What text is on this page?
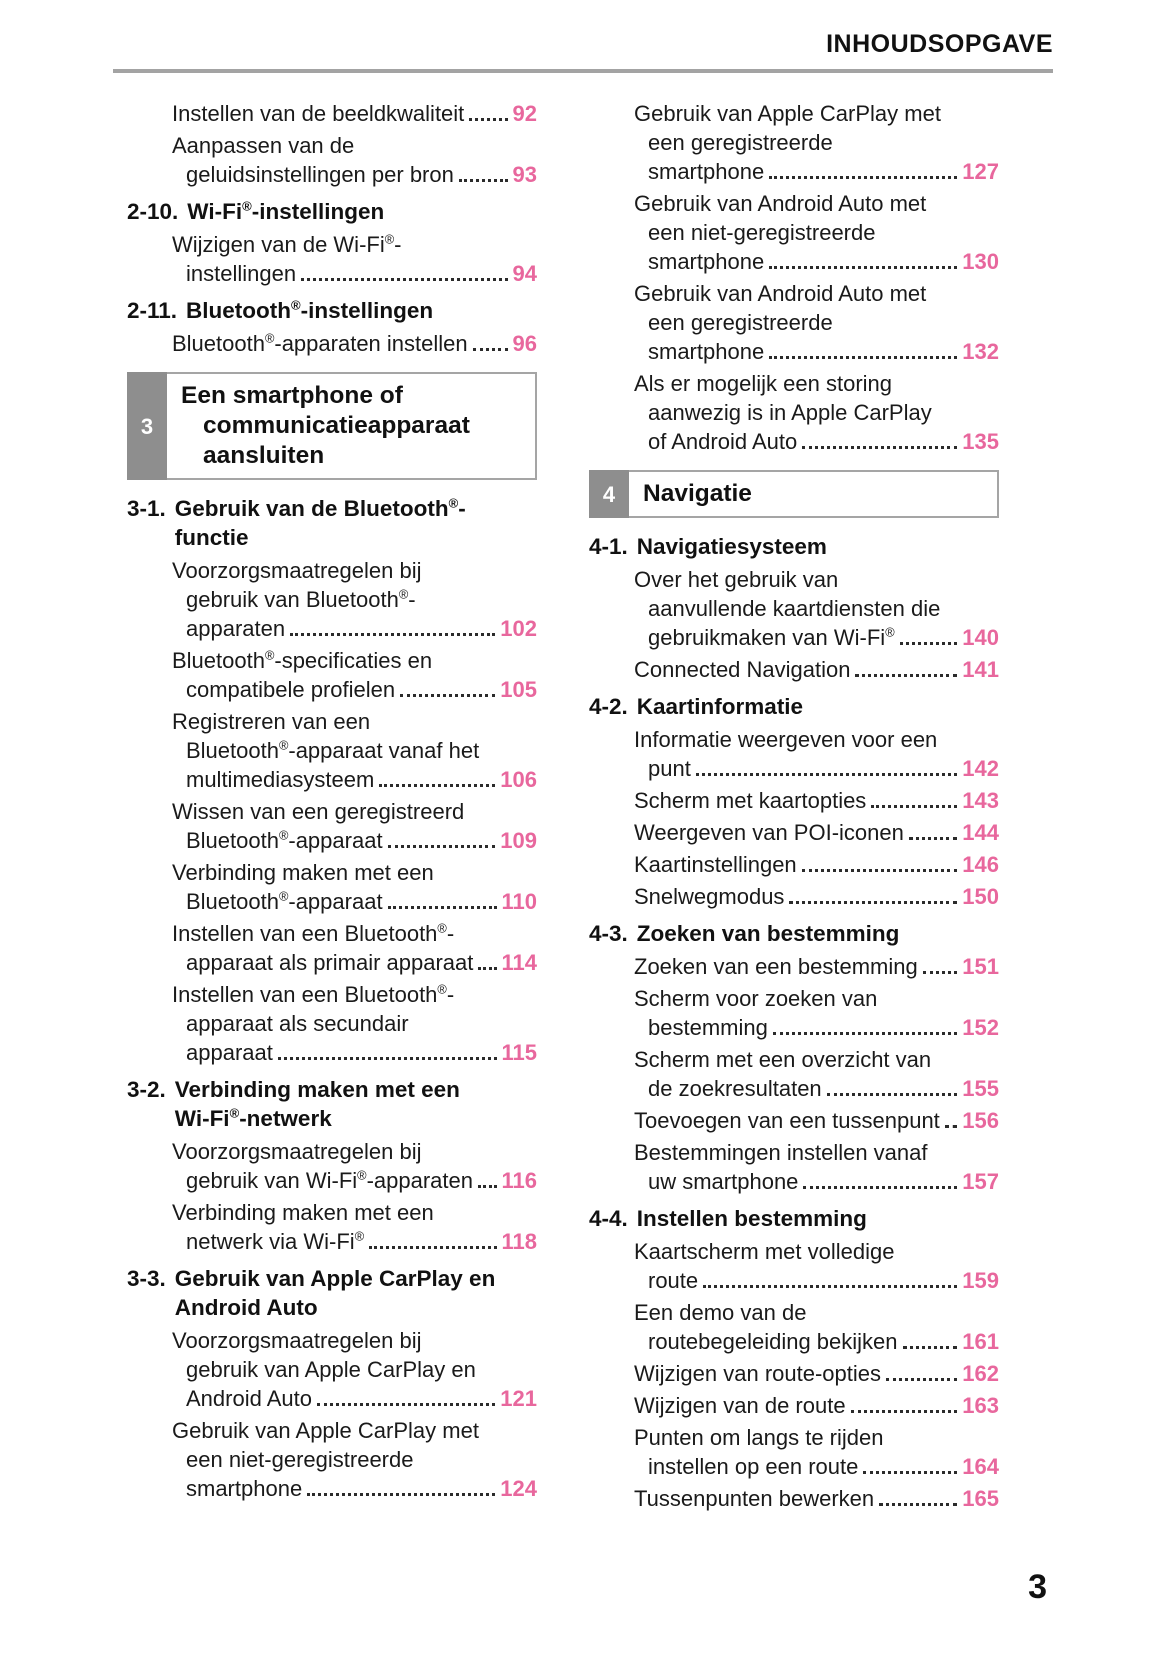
INHOUDSOPGAVE
Instellen van de beeldkwaliteit 92
Aanpassen van de
geluidsinstellingen per bron	93
2-10. Wi-Fi®-instellingen
Wijzigen van de Wi-Fi®-
instellingen	94
2-11. Bluetooth®-instellingen
Bluetooth®-apparaten instellen 96
3
Een smartphone of
communicatieapparaat
aansluiten
3-1. Gebruik van de Bluetooth®-
functie
Voorzorgsmaatregelen bij
gebruik van Bluetooth®-
apparaten	102
Bluetooth®-specificaties en
compatibele profielen	105
Registreren van een
Bluetooth®-apparaat vanaf het
multimediasysteem	106
Wissen van een geregistreerd
Bluetooth®-apparaat	109
Verbinding maken met een
Bluetooth®-apparaat	110
Instellen van een Bluetooth®-
apparaat als primair apparaat 114
Instellen van een Bluetooth®-
apparaat als secundair
apparaat	115
3-2. Verbinding maken met een
Wi-Fi®-netwerk
Voorzorgsmaatregelen bij
gebruik van Wi-Fi®-apparaten 116
Verbinding maken met een
netwerk via Wi-Fi®	118
3-3. Gebruik van Apple CarPlay en
Android Auto
Voorzorgsmaatregelen bij
gebruik van Apple CarPlay en
Android Auto	121
Gebruik van Apple CarPlay met
een niet-geregistreerde
smartphone	124
Gebruik van Apple CarPlay met
een geregistreerde
smartphone	127
Gebruik van Android Auto met
een niet-geregistreerde
smartphone	130
Gebruik van Android Auto met
een geregistreerde
smartphone	132
Als er mogelijk een storing
aanwezig is in Apple CarPlay
of Android Auto	135
4	Navigatie
4-1. Navigatiesysteem
Over het gebruik van
aanvullende kaartdiensten die
gebruikmaken van Wi-Fi®	140
Connected Navigation	141
4-2. Kaartinformatie
Informatie weergeven voor een
punt	142
Scherm met kaartopties	143
Weergeven van POI-iconen	144
Kaartinstellingen	146
Snelwegmodus	150
4-3. Zoeken van bestemming
Zoeken van een bestemming 151
Scherm voor zoeken van
bestemming	152
Scherm met een overzicht van
de zoekresultaten	155
Toevoegen van een tussenpunt 156
Bestemmingen instellen vanaf
uw smartphone	157
4-4. Instellen bestemming
Kaartscherm met volledige
route	159
Een demo van de
routebegeleiding bekijken	161
Wijzigen van route-opties	162
Wijzigen van de route	163
Punten om langs te rijden
instellen op een route	164
Tussenpunten bewerken	165
3
